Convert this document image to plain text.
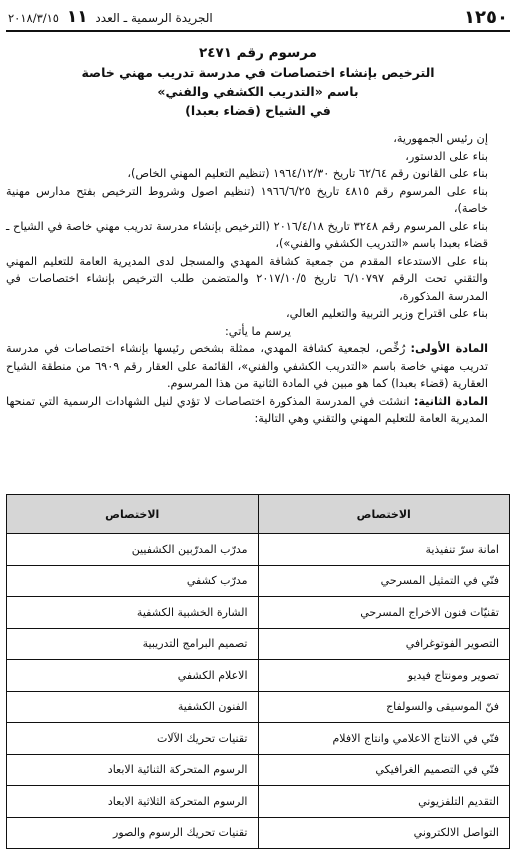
١٢٥٠
الجريدة الرسمية ـ العدد ١١ ٢٠١٨/٣/١٥
مرسوم رقم ٢٤٧١
الترخيص بإنشاء اختصاصات في مدرسة تدريب مهني خاصة
باسم «التدريب الكشفي والفني»
في الشياح (قضاء بعبدا)

إن رئيس الجمهورية،

بناء على الدستور،

بناء على القانون رقم ٦٢/٦٤ تاريخ ١٩٦٤/١٢/٣٠ (تنظيم التعليم المهني الخاص)،

بناء على المرسوم رقم ٤٨١٥ تاريخ ١٩٦٦/٦/٢٥ (تنظيم اصول وشروط الترخيص بفتح مدارس مهنية خاصة)،

بناء على المرسوم رقم ٣٢٤٨ تاريخ ٢٠١٦/٤/١٨ (الترخيص بإنشاء مدرسة تدريب مهني خاصة في الشياح ـ قضاء بعبدا باسم «التدريب الكشفي والفني»)،

بناء على الاستدعاء المقدم من جمعية كشافة المهدي والمسجل لدى المديرية العامة للتعليم المهني والتقني تحت الرقم ٦/١٠٧٩٧ تاريخ ٢٠١٧/١٠/٥ والمتضمن طلب الترخيص بإنشاء اختصاصات في المدرسة المذكورة،

بناء على اقتراح وزير التربية والتعليم العالي،

يرسم ما يأتي:

المادة الأولى: رُخِّص، لجمعية كشافة المهدي، ممثلة بشخص رئيسها بإنشاء اختصاصات في مدرسة تدريب مهني خاصة باسم «التدريب الكشفي والفني»، القائمة على العقار رقم ٦٩٠٩ من منطقة الشياح العقارية (قضاء بعبدا) كما هو مبين في المادة الثانية من هذا المرسوم.

المادة الثانية: انشئت في المدرسة المذكورة اختصاصات لا تؤدي لنيل الشهادات الرسمية التي تمنحها المديرية العامة للتعليم المهني والتقني وهي التالية:

الاختصاص	الاختصاص
امانة سرّ تنفيذية	مدرّب المدرّبين الكشفيين
فنّي في التمثيل المسرحي	مدرّب كشفي
تقنيّات فنون الاخراج المسرحي	الشارة الخشبية الكشفية
التصوير الفوتوغرافي	تصميم البرامج التدريبية
تصوير ومونتاج فيديو	الاعلام الكشفي
فنّ الموسيقى والسولفاج	الفنون الكشفية
فنّي في الانتاج الاعلامي وانتاج الافلام	تقنيات تحريك الآلات
فنّي في التصميم الغرافيكي	الرسوم المتحركة الثنائية الابعاد
التقديم التلفزيوني	الرسوم المتحركة الثلاثية الابعاد
التواصل الالكتروني	تقنيات تحريك الرسوم والصور
